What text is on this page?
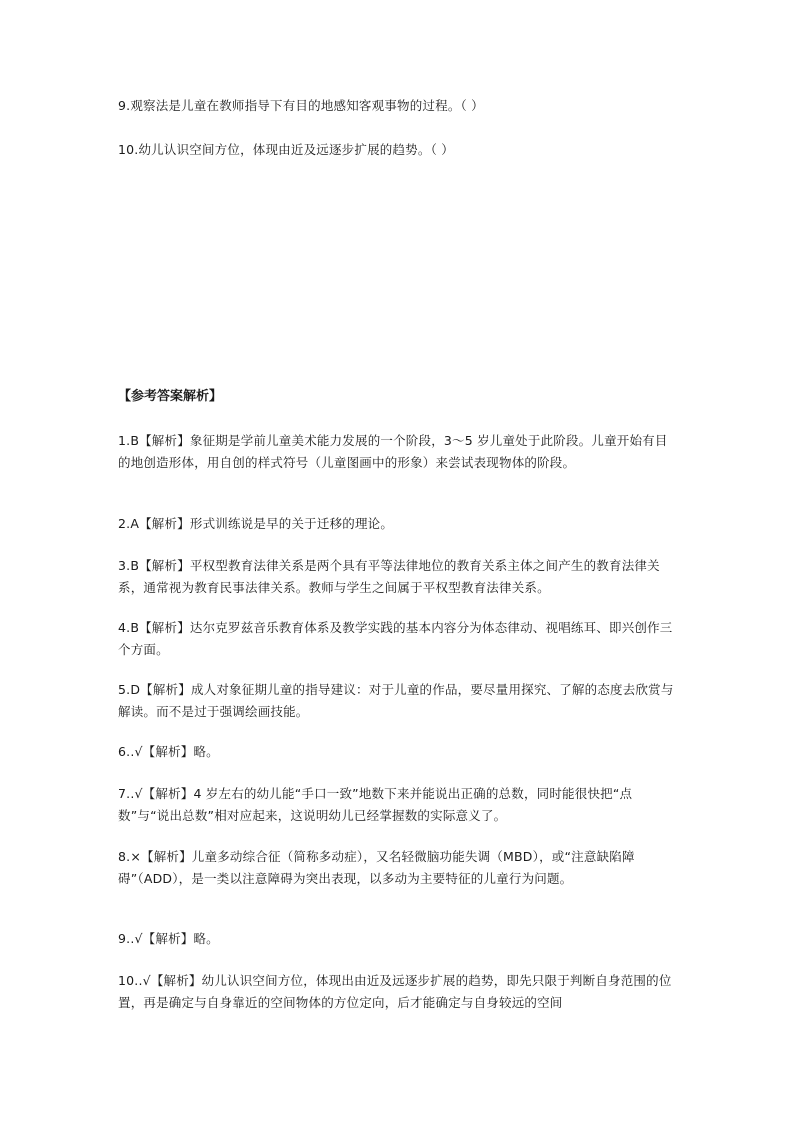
9.观察法是儿童在教师指导下有目的地感知客观事物的过程。（ ）
10.幼儿认识空间方位，体现由近及远逐步扩展的趋势。（ ）
【参考答案解析】

1.B【解析】象征期是学前儿童美术能力发展的一个阶段，3～5 岁儿童处于此阶段。儿童开始有目的地创造形体，用自创的样式符号（儿童图画中的形象）来尝试表现物体的阶段。

2.A【解析】形式训练说是早的关于迁移的理论。

3.B【解析】平权型教育法律关系是两个具有平等法律地位的教育关系主体之间产生的教育法律关系，通常视为教育民事法律关系。教师与学生之间属于平权型教育法律关系。

4.B【解析】达尔克罗兹音乐教育体系及教学实践的基本内容分为体态律动、视唱练耳、即兴创作三个方面。

5.D【解析】成人对象征期儿童的指导建议：对于儿童的作品，要尽量用探究、了解的态度去欣赏与解读。而不是过于强调绘画技能。

6..√【解析】略。

7..√【解析】4 岁左右的幼儿能“手口一致”地数下来并能说出正确的总数，同时能很快把“点数”与“说出总数”相对应起来，这说明幼儿已经掌握数的实际意义了。

8.×【解析】儿童多动综合征（简称多动症），又名轻微脑功能失调（MBD），或“注意缺陷障碍”（ADD），是一类以注意障碍为突出表现，以多动为主要特征的儿童行为问题。

9..√【解析】略。

10..√【解析】幼儿认识空间方位，体现出由近及远逐步扩展的趋势，即先只限于判断自身范围的位置，再是确定与自身靠近的空间物体的方位定向，后才能确定与自身较远的空间
